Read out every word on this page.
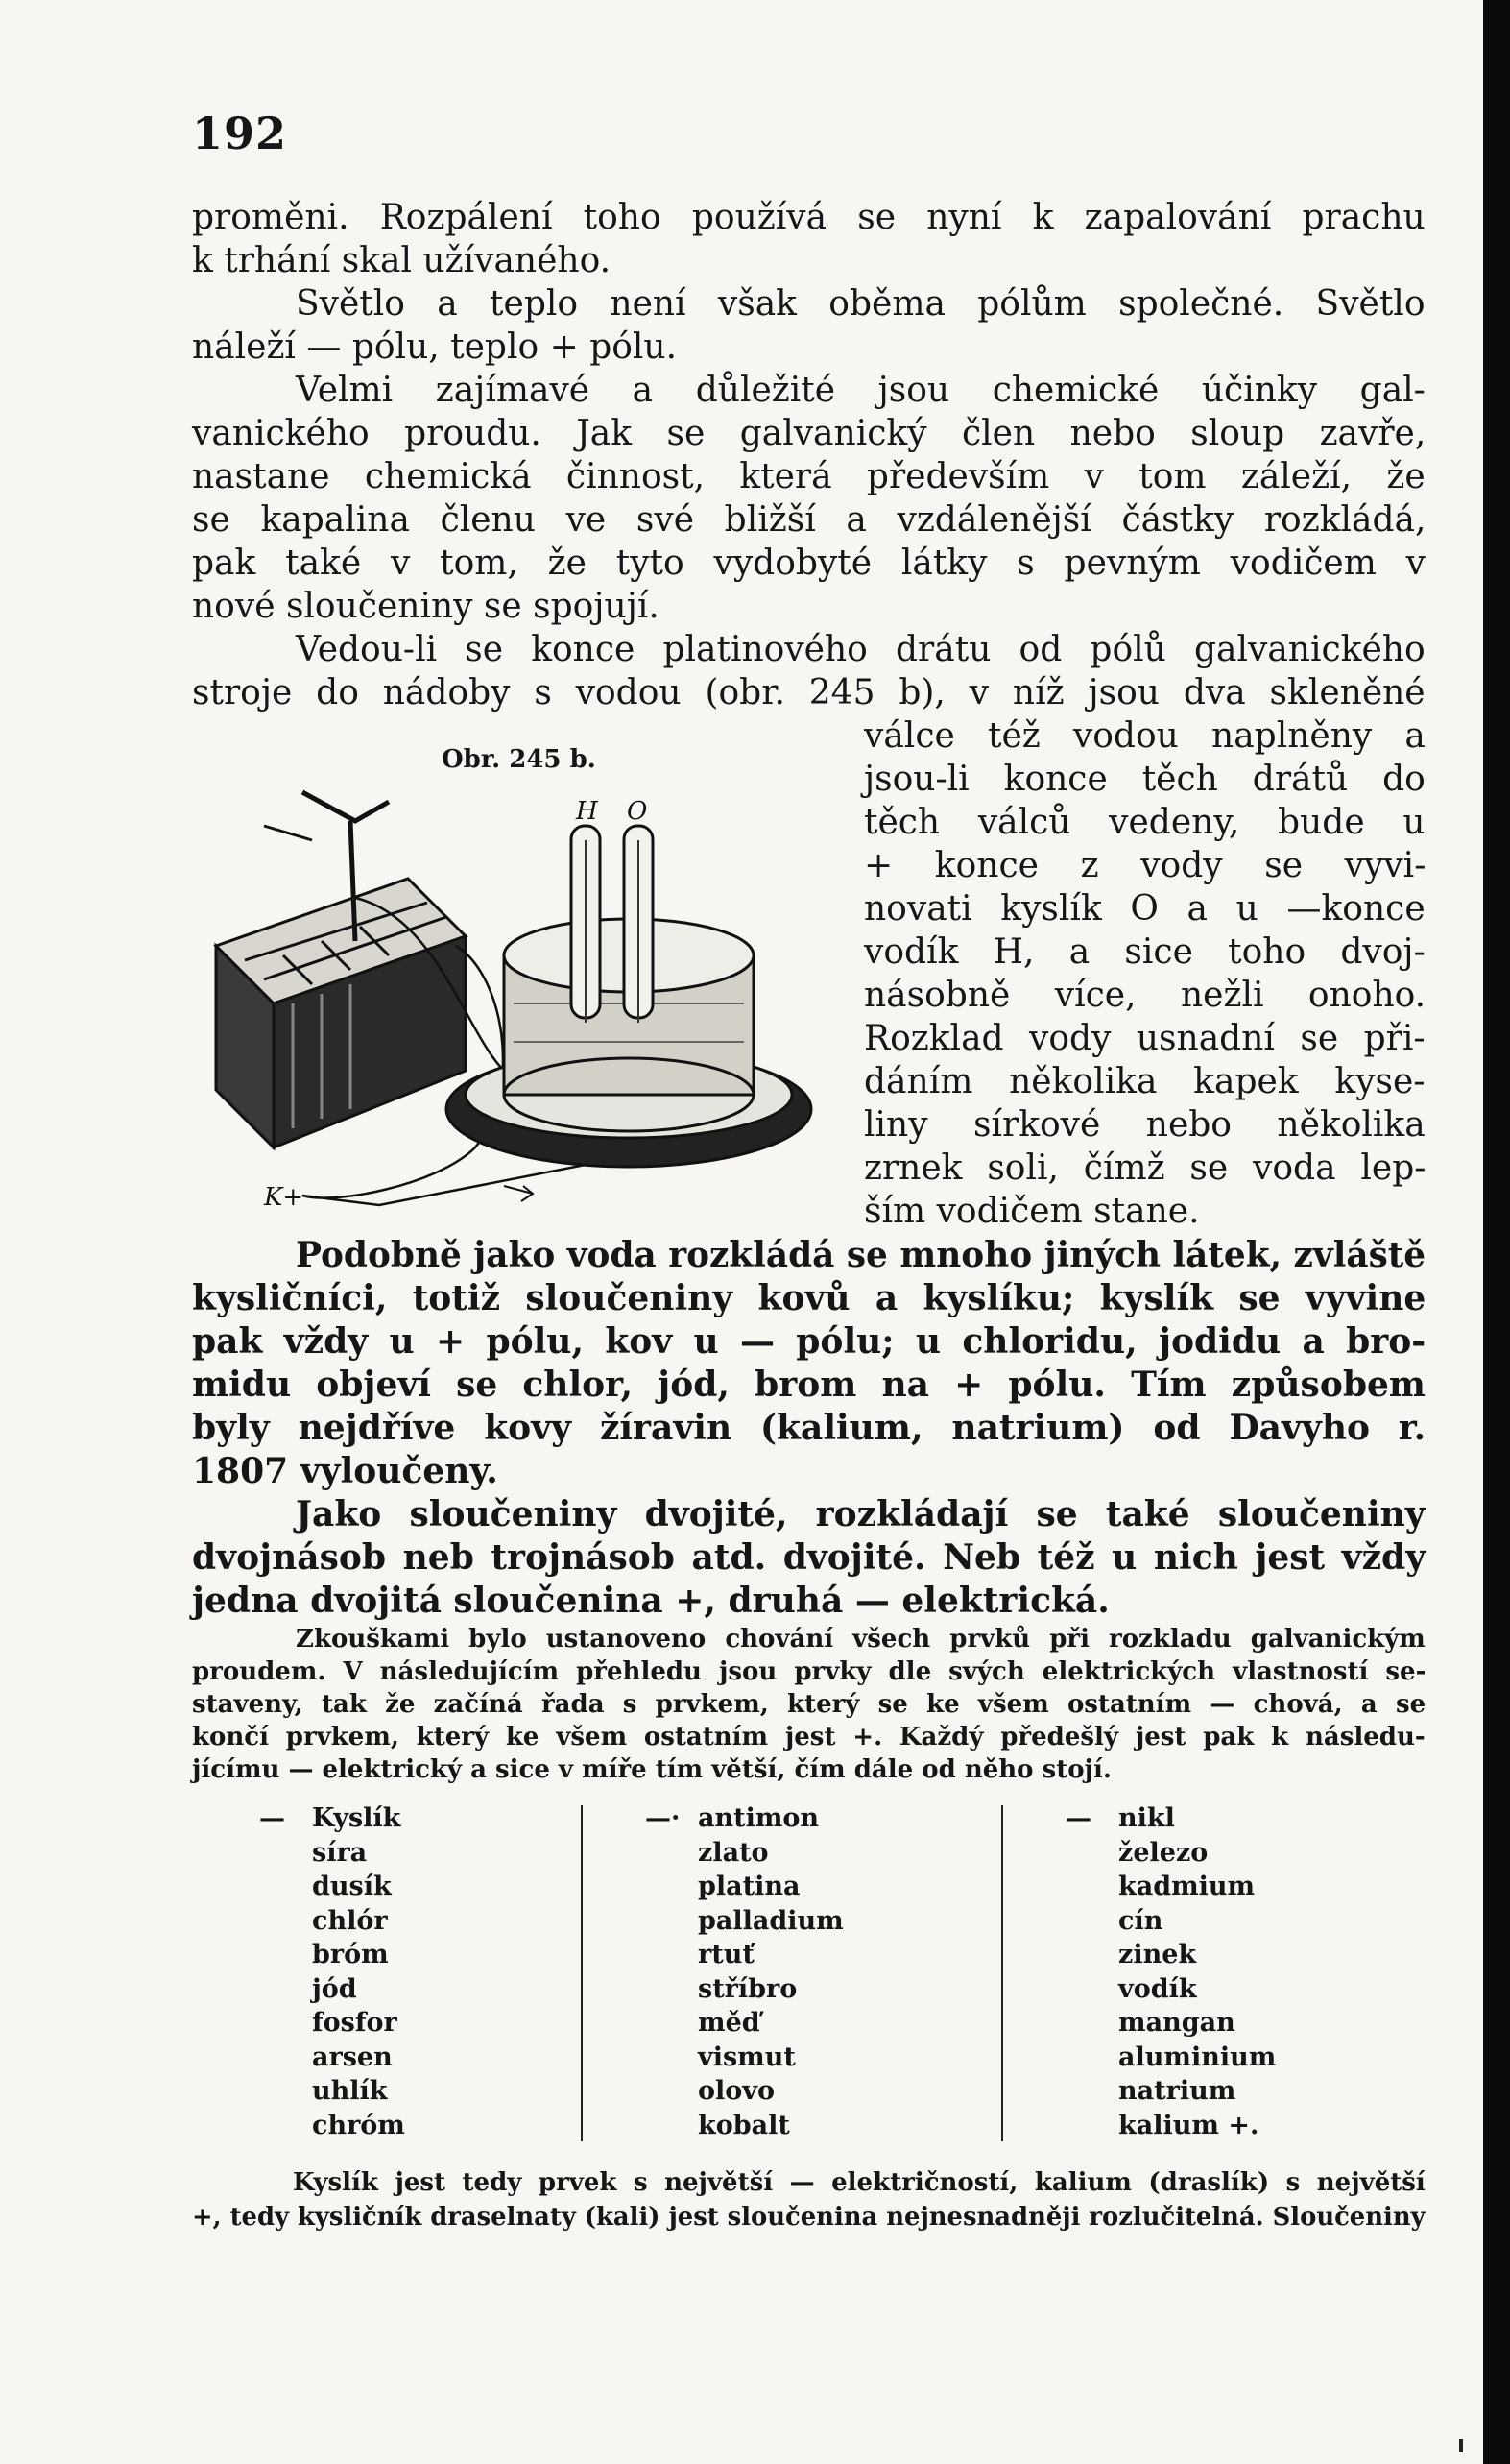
192
proměni. Rozpálení toho používá se nyní k zapalování prachu
k trhání skal užívaného.
Světlo a teplo není však oběma pólům společné. Světlo
náleží — pólu, teplo + pólu.
Velmi zajímavé a důležité jsou chemické účinky gal-
vanického proudu. Jak se galvanický člen nebo sloup zavře,
nastane chemická činnost, která především v tom záleží, že
se kapalina členu ve své bližší a vzdálenější částky rozkládá,
pak také v tom, že tyto vydobyté látky s pevným vodičem v
nové sloučeniny se spojují.
Vedou-li se konce platinového drátu od pólů galvanického
stroje do nádoby s vodou (obr. 245 b), v níž jsou dva skleněné
válce též vodou naplněny a
jsou-li konce těch drátů do
těch válců vedeny, bude u
+ konce z vody se vyvi-
novati kyslík O a u —konce
vodík H, a sice toho dvoj-
násobně více, nežli onoho.
Rozklad vody usnadní se při-
dáním několika kapek kyse-
liny sírkové nebo několika
zrnek soli, čímž se voda lep-
ším vodičem stane.
Podobně jako voda rozkládá se mnoho jiných látek, zvláště
kysličníci, totiž sloučeniny kovů a kyslíku; kyslík se vyvine
pak vždy u + pólu, kov u — pólu; u chloridu, jodidu a bro-
midu objeví se chlor, jód, brom na + pólu. Tím způsobem
byly nejdříve kovy žíravin (kalium, natrium) od Davyho r.
1807 vyloučeny.
Jako sloučeniny dvojité, rozkládají se také sloučeniny
dvojnásob neb trojnásob atd. dvojité. Neb též u nich jest vždy
jedna dvojitá sloučenina +, druhá — elektrická.
Zkouškami bylo ustanoveno chování všech prvků při rozkladu galvanickým
proudem. V následujícím přehledu jsou prvky dle svých elektrických vlastností se-
staveny, tak že začíná řada s prvkem, který se ke všem ostatním — chová, a se
končí prvkem, který ke všem ostatním jest +. Každý předešlý jest pak k následu-
jícímu — elektrický a sice v míře tím větší, čím dále od něho stojí.
Obr. 245 b.
H O
K+
Kyslík
síra
dusík
chlór
bróm
jód
fosfor
arsen
uhlík
chróm
—	antimon
zlato
platina
palladium
rtuť
stříbro
měď
vismut
olovo
kobalt
—·	nikl
železo
kadmium
cín
zinek
vodík
mangan
aluminium
natrium
kalium +.
—
Kyslík jest tedy prvek s největší — električností, kalium (draslík) s největší
+, tedy kysličník draselnaty (kali) jest sloučenina nejnesnadněji rozlučitelná. Sloučeniny
